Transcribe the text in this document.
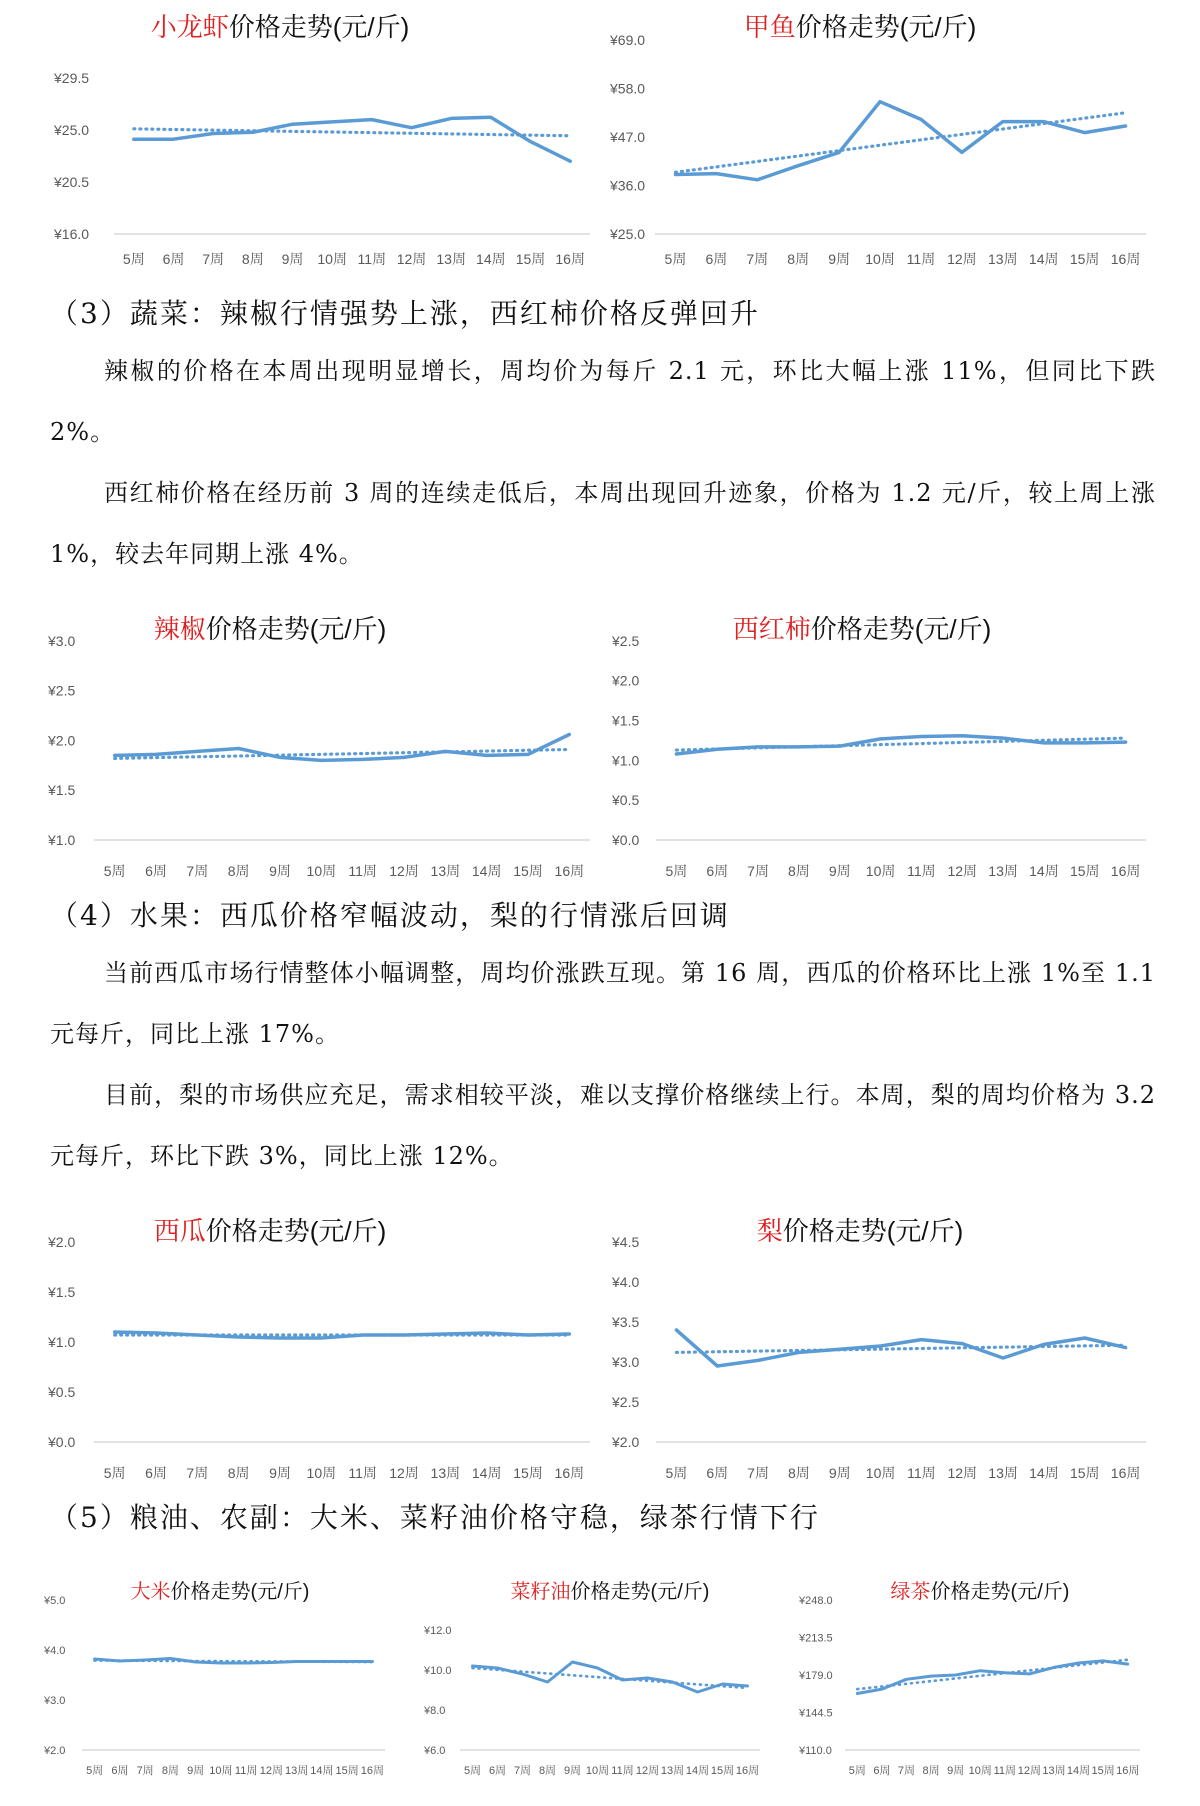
小龙虾价格走势(元/斤)
¥16.0
¥20.5
¥25.0
¥29.5
5周 6周 7周 8周 9周 10周 11周 12周 13周 14周 15周 16周
甲鱼价格走势(元/斤)
¥25.0
¥36.0
¥47.0
¥58.0
¥69.0
5周 6周 7周 8周 9周 10周 11周 12周 13周 14周 15周 16周
（3）蔬菜：辣椒行情强势上涨，西红柿价格反弹回升
辣椒的价格在本周出现明显增长，周均价为每斤 2.1 元，环比大幅上涨 11%，但同比下跌 2%。
西红柿价格在经历前 3 周的连续走低后，本周出现回升迹象，价格为 1.2 元/斤，较上周上涨 1%，较去年同期上涨 4%。
辣椒价格走势(元/斤)
¥1.0
¥1.5
¥2.0
¥2.5
¥3.0
5周 6周 7周 8周 9周 10周 11周 12周 13周 14周 15周 16周
西红柿价格走势(元/斤)
¥0.0
¥0.5
¥1.0
¥1.5
¥2.0
¥2.5
5周 6周 7周 8周 9周 10周 11周 12周 13周 14周 15周 16周
（4）水果：西瓜价格窄幅波动，梨的行情涨后回调
当前西瓜市场行情整体小幅调整，周均价涨跌互现。第 16 周，西瓜的价格环比上涨 1%至 1.1 元每斤，同比上涨 17%。
目前，梨的市场供应充足，需求相较平淡，难以支撑价格继续上行。本周，梨的周均价格为 3.2 元每斤，环比下跌 3%，同比上涨 12%。
西瓜价格走势(元/斤)
¥0.0
¥0.5
¥1.0
¥1.5
¥2.0
5周 6周 7周 8周 9周 10周 11周 12周 13周 14周 15周 16周
梨价格走势(元/斤)
¥2.0
¥2.5
¥3.0
¥3.5
¥4.0
¥4.5
5周 6周 7周 8周 9周 10周 11周 12周 13周 14周 15周 16周
（5）粮油、农副：大米、菜籽油价格守稳，绿茶行情下行
大米价格走势(元/斤)
¥2.0
¥3.0
¥4.0
¥5.0
5周 6周 7周 8周 9周 10周 11周 12周 13周 14周 15周 16周
菜籽油价格走势(元/斤)
¥6.0
¥8.0
¥10.0
¥12.0
5周 6周 7周 8周 9周 10周 11周 12周 13周 14周 15周 16周
绿茶价格走势(元/斤)
¥110.0
¥144.5
¥179.0
¥213.5
¥248.0
5周 6周 7周 8周 9周 10周 11周 12周 13周 14周 15周 16周
